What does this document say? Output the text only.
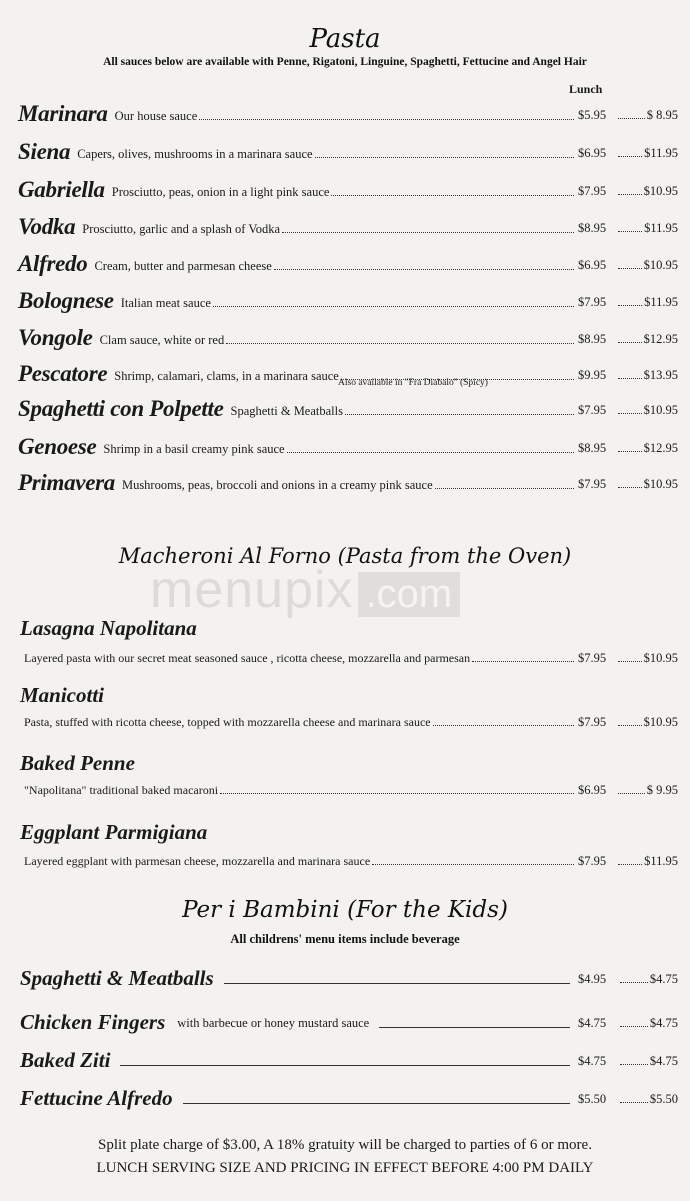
menupix .com
Pasta
All sauces below are available with Penne, Rigatoni, Linguine, Spaghetti, Fettucine and Angel Hair
Lunch
Marinara Our house sauce	$5.95	$ 8.95
Siena Capers, olives, mushrooms in a marinara sauce	$6.95	$11.95
Gabriella Prosciutto, peas, onion in a light pink sauce	$7.95	$10.95
Vodka Prosciutto, garlic and a splash of Vodka	$8.95	$11.95
Alfredo Cream, butter and parmesan cheese	$6.95	$10.95
Bolognese Italian meat sauce	$7.95	$11.95
Vongole Clam sauce, white or red	$8.95	$12.95
Pescatore Shrimp, calamari, clams, in a marinara sauce	$9.95	$13.95
Spaghetti con Polpette Spaghetti & Meatballs	$7.95	$10.95
Genoese Shrimp in a basil creamy pink sauce	$8.95	$12.95
Primavera Mushrooms, peas, broccoli and onions in a creamy pink sauce	$7.95	$10.95
Also available in "Fra Diabalo" (Spicy)
Macheroni Al Forno (Pasta from the Oven)
Lasagna Napolitana
Layered pasta with our secret meat seasoned sauce , ricotta cheese, mozzarella and parmesan	$7.95	$10.95
Manicotti
Pasta, stuffed with ricotta cheese, topped with mozzarella cheese and marinara sauce	$7.95	$10.95
Baked Penne
"Napolitana" traditional baked macaroni	$6.95	$ 9.95
Eggplant Parmigiana
Layered eggplant with parmesan cheese, mozzarella and marinara sauce	$7.95	$11.95
Per i Bambini (For the Kids)
All childrens' menu items include beverage
Spaghetti & Meatballs	$4.95	$4.75
Chicken Fingers with barbecue or honey mustard sauce	$4.75	$4.75
Baked Ziti	$4.75	$4.75
Fettucine Alfredo	$5.50	$5.50
Split plate charge of $3.00, A 18% gratuity will be charged to parties of 6 or more.
LUNCH SERVING SIZE AND PRICING IN EFFECT BEFORE 4:00 PM DAILY
